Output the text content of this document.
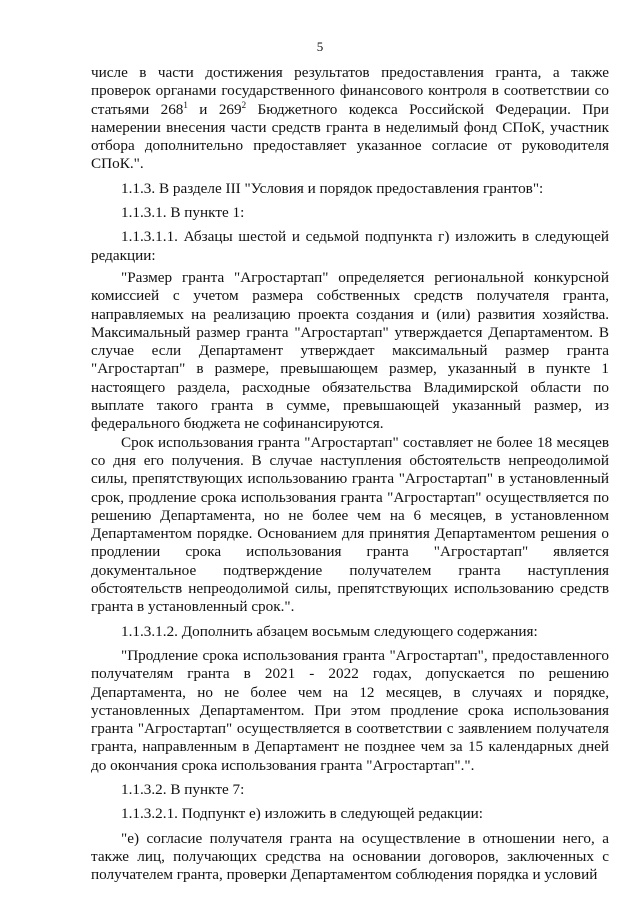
5

числе в части достижения результатов предоставления гранта, а также проверок органами государственного финансового контроля в соответствии со статьями $268^1$ и $269^2$ Бюджетного кодекса Российской Федерации. При намерении внесения части средств гранта в неделимый фонд СПоК, участник отбора дополнительно предоставляет указанное согласие от руководителя СПоК.".

1.1.3. В разделе III "Условия и порядок предоставления грантов":

1.1.3.1. В пункте 1:

1.1.3.1.1. Абзацы шестой и седьмой подпункта г) изложить в следующей редакции:

"Размер гранта "Агростартап" определяется региональной конкурсной комиссией с учетом размера собственных средств получателя гранта, направляемых на реализацию проекта создания и (или) развития хозяйства. Максимальный размер гранта "Агростартап" утверждается Департаментом. В случае если Департамент утверждает максимальный размер гранта "Агростартап" в размере, превышающем размер, указанный в пункте 1 настоящего раздела, расходные обязательства Владимирской области по выплате такого гранта в сумме, превышающей указанный размер, из федерального бюджета не софинансируются.

Срок использования гранта "Агростартап" составляет не более 18 месяцев со дня его получения. В случае наступления обстоятельств непреодолимой силы, препятствующих использованию гранта "Агростартап" в установленный срок, продление срока использования гранта "Агростартап" осуществляется по решению Департамента, но не более чем на 6 месяцев, в установленном Департаментом порядке. Основанием для принятия Департаментом решения о продлении срока использования гранта "Агростартап" является документальное подтверждение получателем гранта наступления обстоятельств непреодолимой силы, препятствующих использованию средств гранта в установленный срок.".

1.1.3.1.2. Дополнить абзацем восьмым следующего содержания:

"Продление срока использования гранта "Агростартап", предоставленного получателям гранта в 2021 - 2022 годах, допускается по решению Департамента, но не более чем на 12 месяцев, в случаях и порядке, установленных Департаментом. При этом продление срока использования гранта "Агростартап" осуществляется в соответствии с заявлением получателя гранта, направленным в Департамент не позднее чем за 15 календарных дней до окончания срока использования гранта "Агростартап".".

1.1.3.2. В пункте 7:

1.1.3.2.1. Подпункт е) изложить в следующей редакции:

"е) согласие получателя гранта на осуществление в отношении него, а также лиц, получающих средства на основании договоров, заключенных с получателем гранта, проверки Департаментом соблюдения порядка и условий
